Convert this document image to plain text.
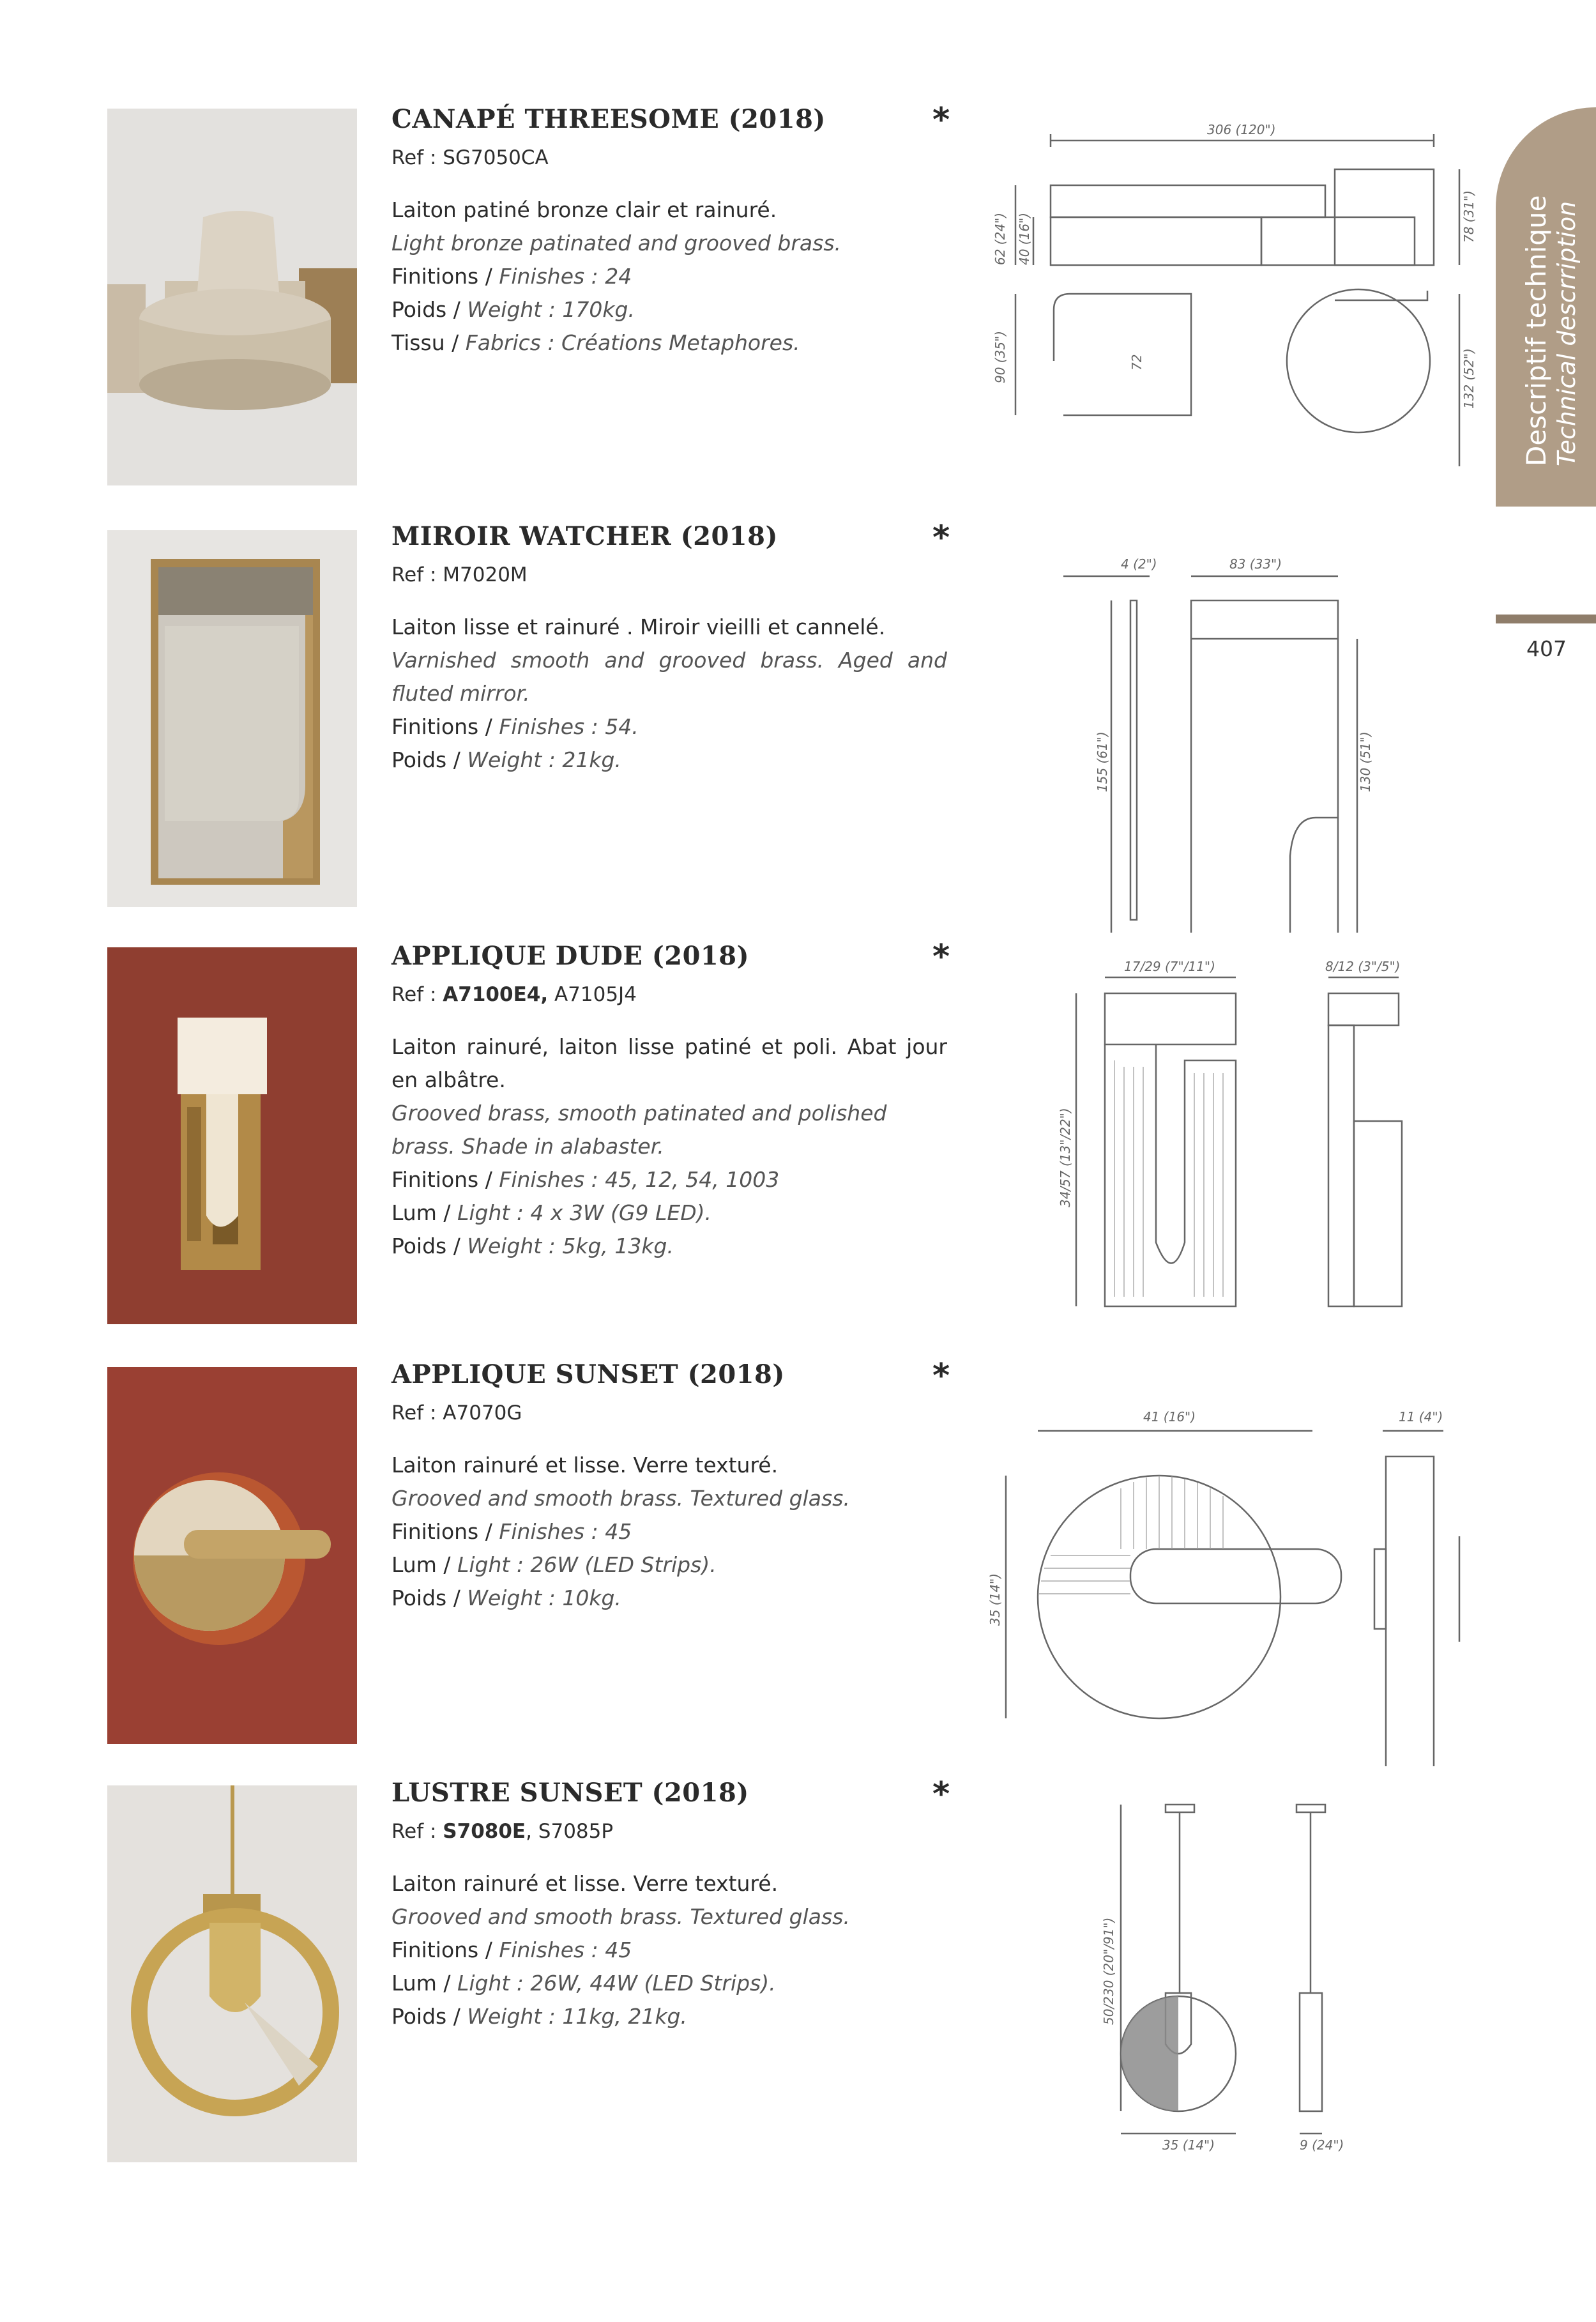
Descriptif technique Technical descrription
407
CANAPÉ THREESOME (2018)
Ref : SG7050CA

Laiton patiné bronze clair et rainuré.

Light bronze patinated and grooved brass.

Finitions / Finishes : 24

Poids / Weight : 170kg.

Tissu / Fabrics : Créations Metaphores.

*	306 (120")
62 (24") 40 (16")	78 (31")
90 (35")	72	132 (52")
MIROIR WATCHER (2018)
Ref : M7020M

Laiton lisse et rainuré . Miroir vieilli et cannelé.

Varnished smooth and grooved brass. Aged and fluted mirror.

Finitions / Finishes : 54.

Poids / Weight : 21kg.

*
4 (2")	83 (33")
155 (61")	130 (51")
APPLIQUE DUDE (2018)
Ref : A7100E4, A7105J4

Laiton rainuré, laiton lisse patiné et poli. Abat jour en albâtre.

Grooved brass, smooth patinated and polished brass. Shade in alabaster.

Finitions / Finishes : 45, 12, 54, 1003

Lum / Light : 4 x 3W (G9 LED).

Poids / Weight : 5kg, 13kg.

*	17/29 (7"/11")	8/12 (3"/5")
34/57 (13"/22")
APPLIQUE SUNSET (2018)
Ref : A7070G

Laiton rainuré et lisse. Verre texturé.

Grooved and smooth brass. Textured glass.

Finitions / Finishes : 45

Lum / Light : 26W (LED Strips).

Poids / Weight : 10kg.

*
41 (16")	11 (4")
35 (14")
LUSTRE SUNSET (2018)
Ref : S7080E, S7085P

Laiton rainuré et lisse. Verre texturé.

Grooved and smooth brass. Textured glass.

Finitions / Finishes : 45

Lum / Light : 26W, 44W (LED Strips).

Poids / Weight : 11kg, 21kg.

*
50/230 (20"/91")
35 (14")	9 (24")
